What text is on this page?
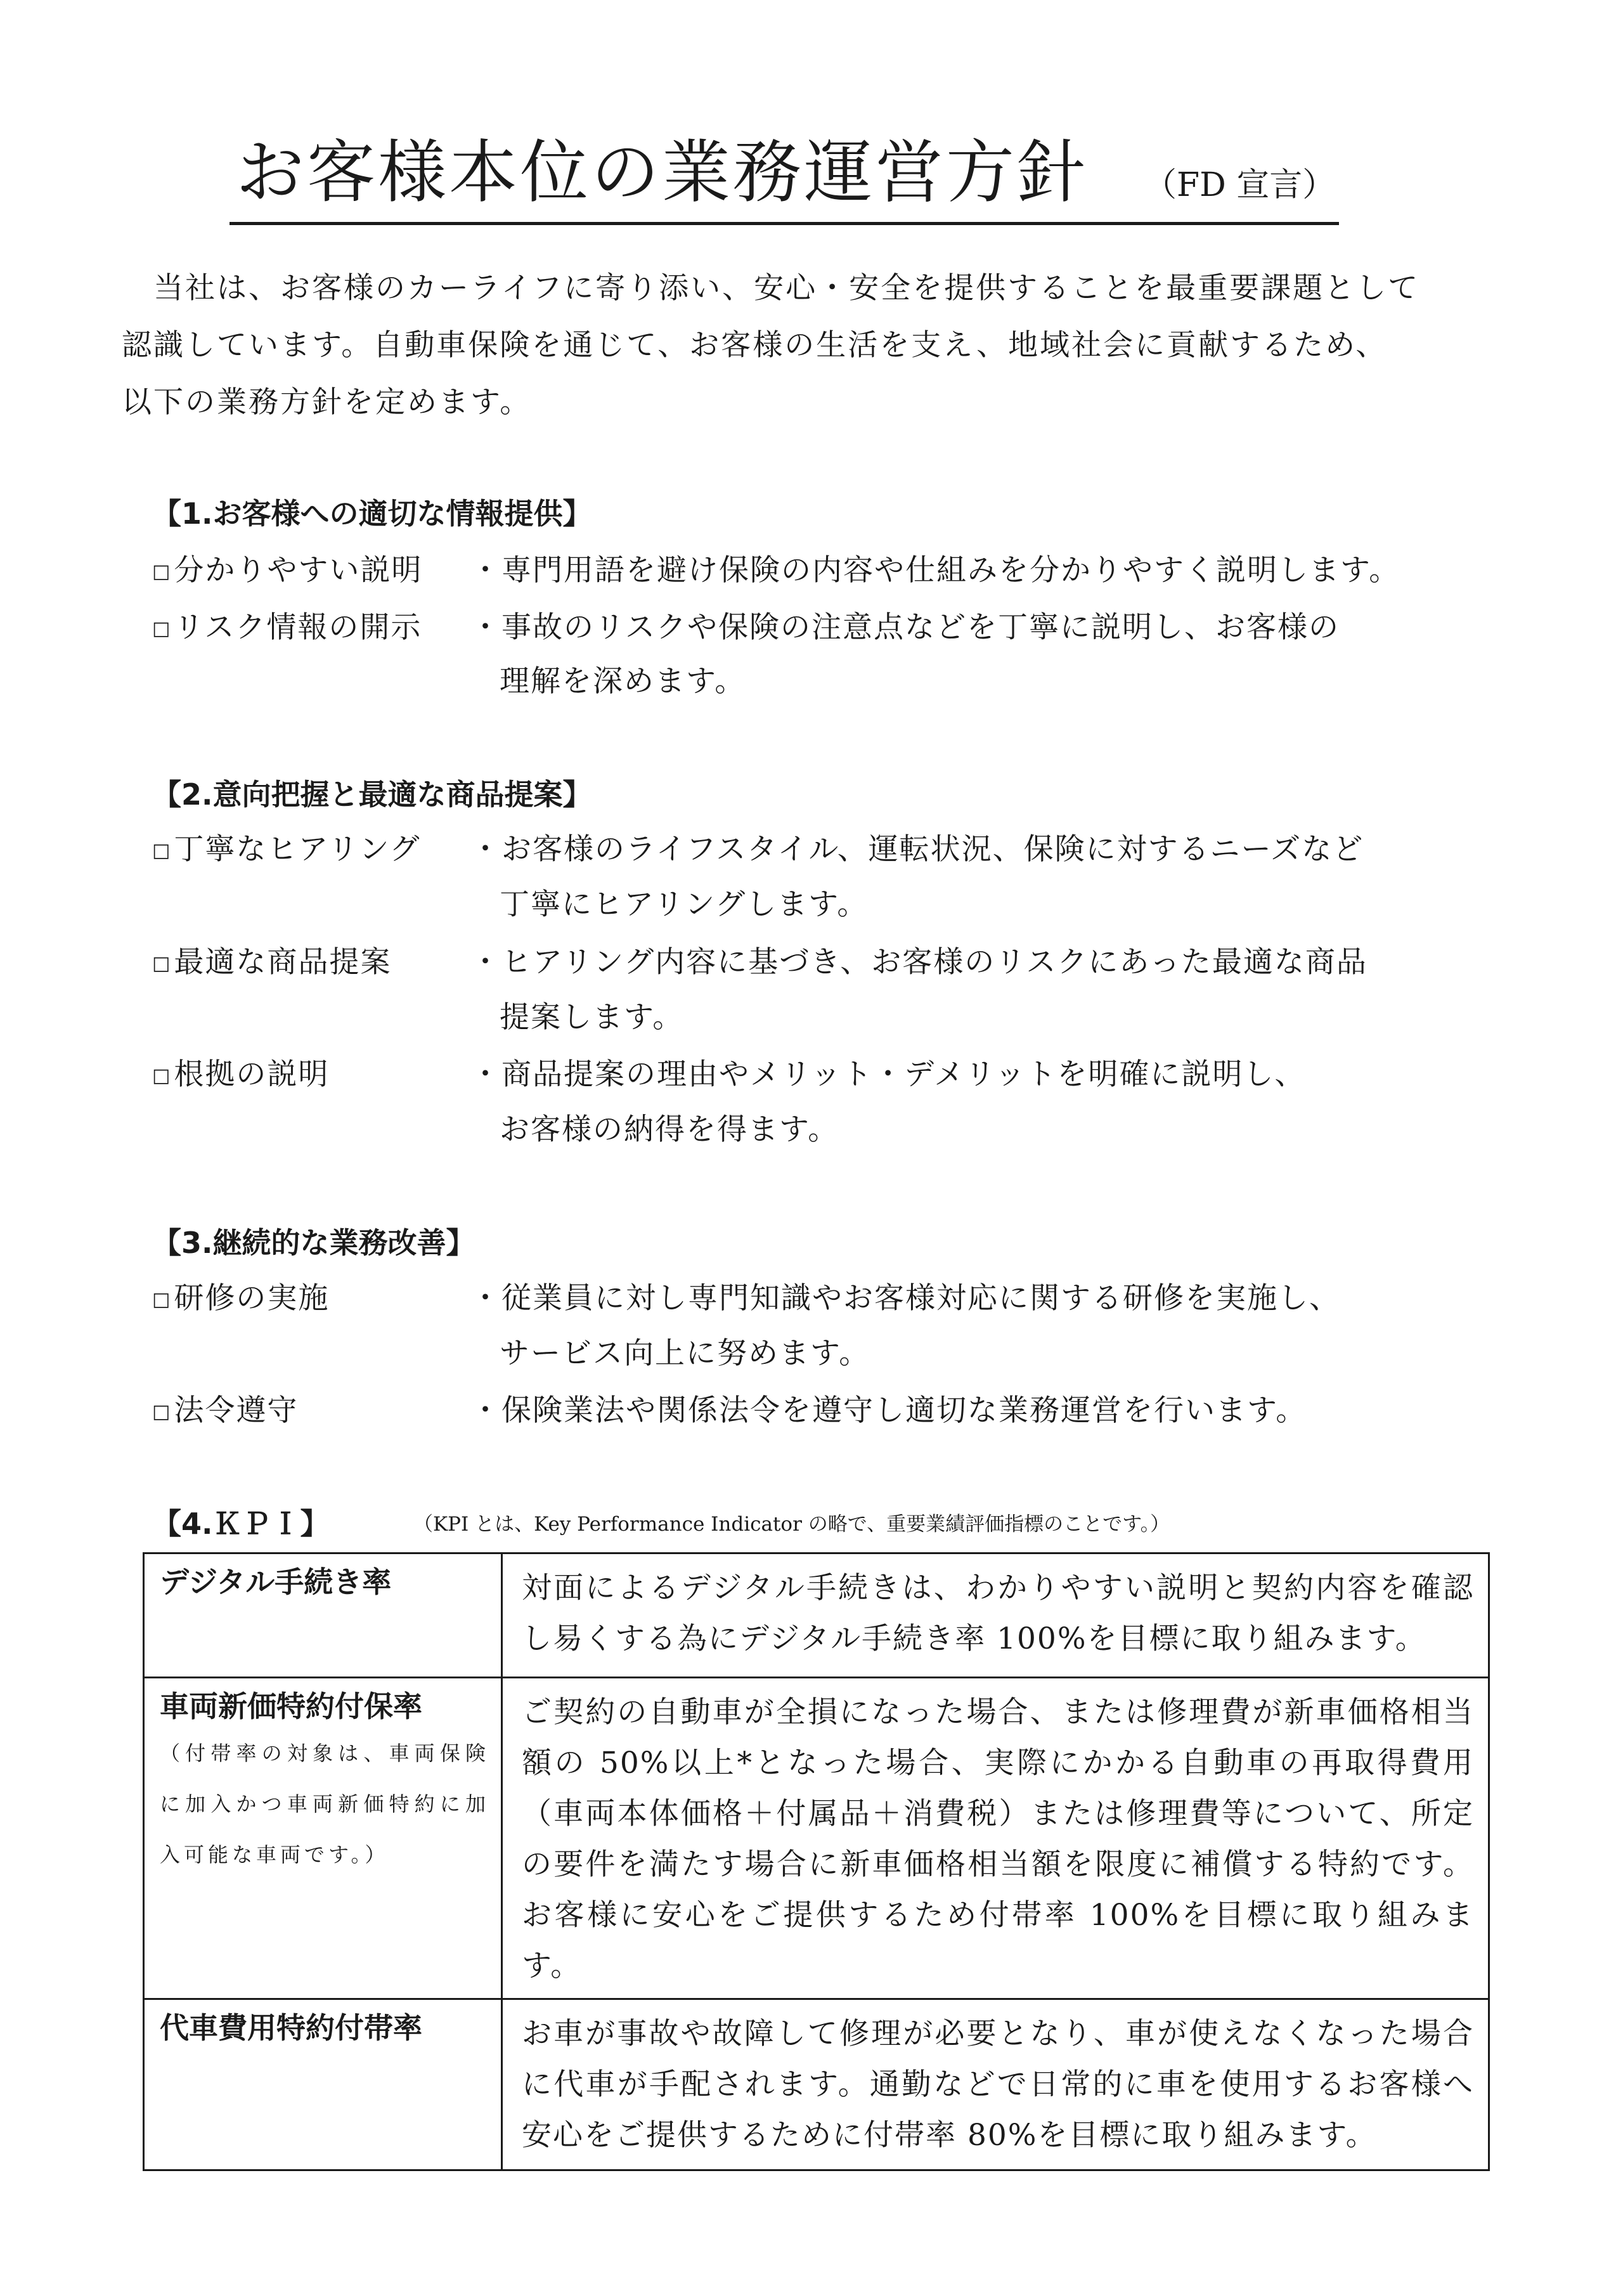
お客様本位の業務運営方針 （FD 宣言）
当社は、お客様のカーライフに寄り添い、安心・安全を提供することを最重要課題として
認識しています。自動車保険を通じて、お客様の生活を支え、地域社会に貢献するため、
以下の業務方針を定めます。
【1.お客様への適切な情報提供】
□分かりやすい説明 ・専門用語を避け保険の内容や仕組みを分かりやすく説明します。
□リスク情報の開示 ・事故のリスクや保険の注意点などを丁寧に説明し、お客様の
理解を深めます。
【2.意向把握と最適な商品提案】
□丁寧なヒアリング ・お客様のライフスタイル、運転状況、保険に対するニーズなど
丁寧にヒアリングします。
□最適な商品提案	・ヒアリング内容に基づき、お客様のリスクにあった最適な商品
提案します。
□根拠の説明	・商品提案の理由やメリット・デメリットを明確に説明し、
お客様の納得を得ます。
【3.継続的な業務改善】
□研修の実施	・従業員に対し専門知識やお客様対応に関する研修を実施し、
サービス向上に努めます。
□法令遵守	・保険業法や関係法令を遵守し適切な業務運営を行います。
【4.ＫＰＩ】	（KPI とは、Key Performance Indicator の略で、重要業績評価指標のことです。）
デジタル手続き率	対面によるデジタル手続きは、わかりやすい説明と契約内容を確認し易くする為にデジタル手続き率 100%を目標に取り組みます。

車両新価特約付保率
（付帯率の対象は、車両保険に加入かつ車両新価特約に加入可能な車両です。）	ご契約の自動車が全損になった場合、または修理費が新車価格相当額の 50%以上*となった場合、実際にかかる自動車の再取得費用（車両本体価格＋付属品＋消費税）または修理費等について、所定の要件を満たす場合に新車価格相当額を限度に補償する特約です。お客様に安心をご提供するため付帯率 100%を目標に取り組みます。

代車費用特約付帯率	お車が事故や故障して修理が必要となり、車が使えなくなった場合に代車が手配されます。通勤などで日常的に車を使用するお客様へ安心をご提供するために付帯率 80%を目標に取り組みます。
